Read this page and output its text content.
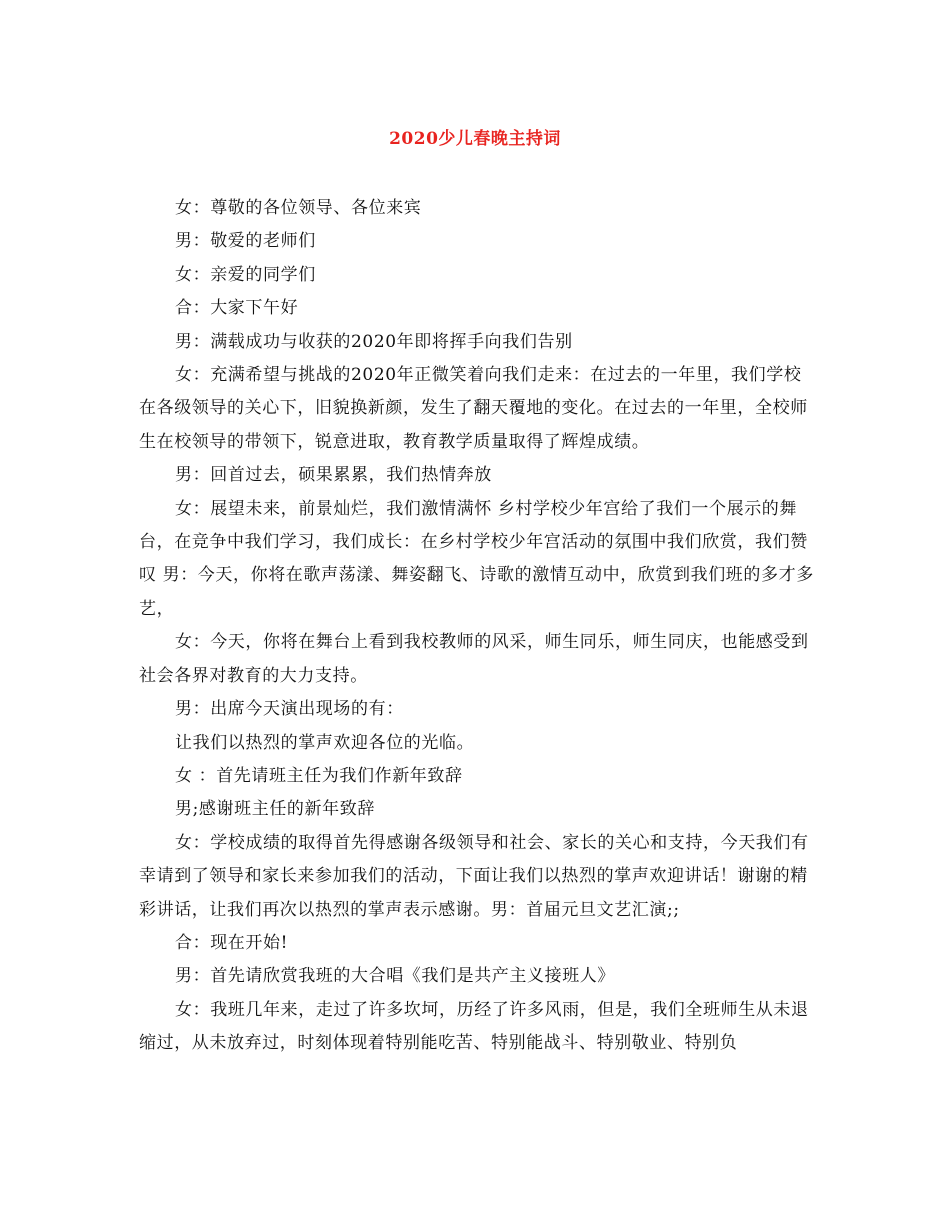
2020少儿春晚主持词

女：尊敬的各位领导、各位来宾

男：敬爱的老师们

女：亲爱的同学们

合：大家下午好

男：满载成功与收获的2020年即将挥手向我们告别

女：充满希望与挑战的2020年正微笑着向我们走来：在过去的一年里，我们学校在各级领导的关心下，旧貌换新颜，发生了翻天覆地的变化。在过去的一年里，全校师生在校领导的带领下，锐意进取，教育教学质量取得了辉煌成绩。

男：回首过去，硕果累累，我们热情奔放

女：展望未来，前景灿烂，我们激情满怀 乡村学校少年宫给了我们一个展示的舞台，在竞争中我们学习，我们成长：在乡村学校少年宫活动的氛围中我们欣赏，我们赞叹 男：今天，你将在歌声荡漾、舞姿翻飞、诗歌的激情互动中，欣赏到我们班的多才多艺，

女：今天，你将在舞台上看到我校教师的风采，师生同乐，师生同庆，也能感受到社会各界对教育的大力支持。

男：出席今天演出现场的有：

让我们以热烈的掌声欢迎各位的光临。

女 ：首先请班主任为我们作新年致辞

男;感谢班主任的新年致辞

女：学校成绩的取得首先得感谢各级领导和社会、家长的关心和支持，今天我们有幸请到了领导和家长来参加我们的活动，下面让我们以热烈的掌声欢迎讲话！谢谢的精彩讲话，让我们再次以热烈的掌声表示感谢。男：首届元旦文艺汇演;;

合：现在开始!

男：首先请欣赏我班的大合唱《我们是共产主义接班人》

女：我班几年来，走过了许多坎坷，历经了许多风雨，但是，我们全班师生从未退缩过，从未放弃过，时刻体现着特别能吃苦、特别能战斗、特别敬业、特别负
